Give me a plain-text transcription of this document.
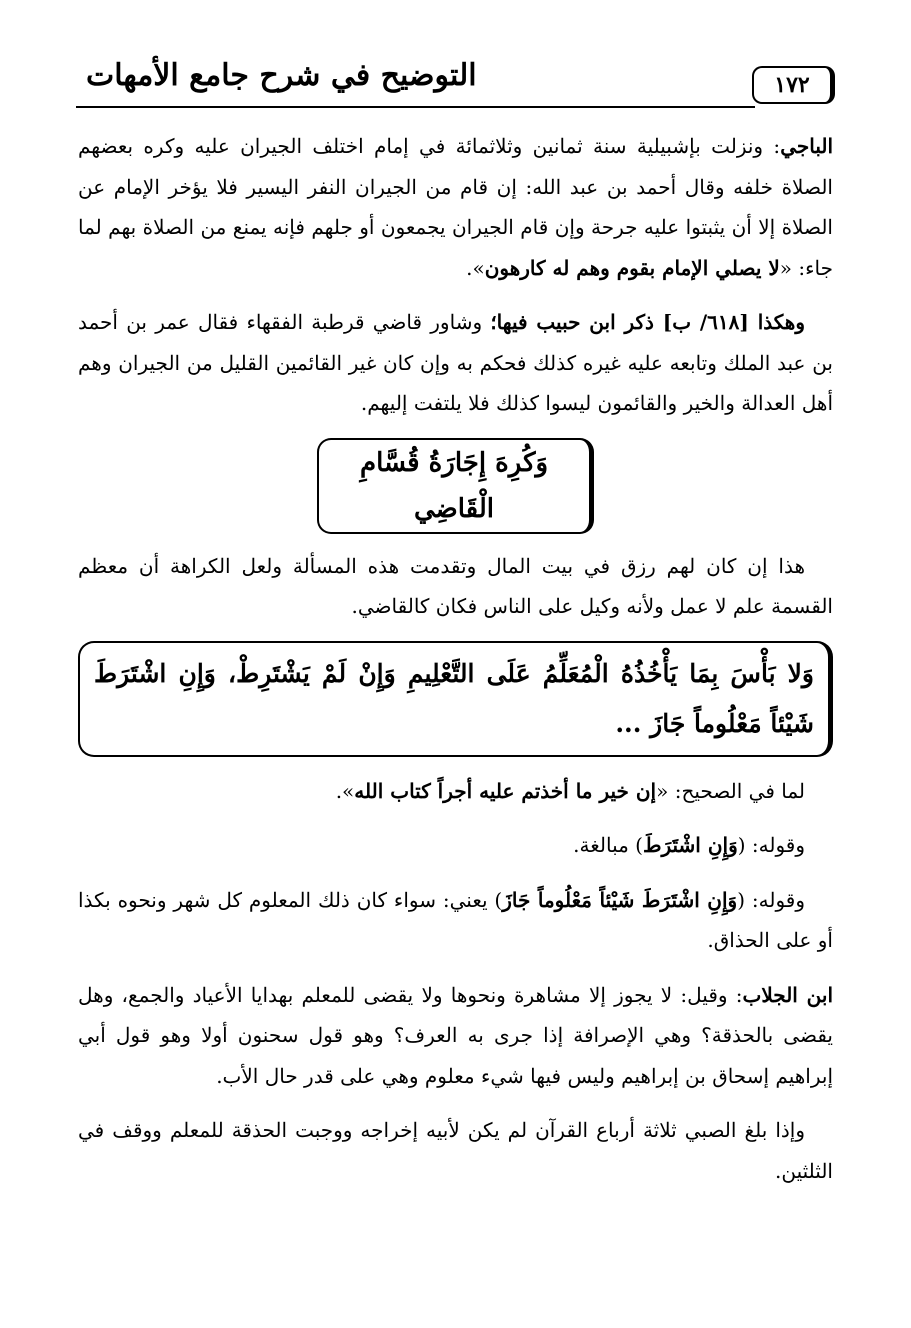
١٧٢
التوضيح في شرح جامع الأمهات

الباجي: ونزلت بإشبيلية سنة ثمانين وثلاثمائة في إمام اختلف الجيران عليه وكره بعضهم الصلاة خلفه وقال أحمد بن عبد الله: إن قام من الجيران النفر اليسير فلا يؤخر الإمام عن الصلاة إلا أن يثبتوا عليه جرحة وإن قام الجيران يجمعون أو جلهم فإنه يمنع من الصلاة بهم لما جاء: «لا يصلي الإمام بقوم وهم له كارهون».

وهكذا [٦١٨/ ب] ذكر ابن حبيب فيها؛ وشاور قاضي قرطبة الفقهاء فقال عمر بن أحمد بن عبد الملك وتابعه عليه غيره كذلك فحكم به وإن كان غير القائمين القليل من الجيران وهم أهل العدالة والخير والقائمون ليسوا كذلك فلا يلتفت إليهم.

وَكُرِهَ إِجَارَةُ قُسَّامِ الْقَاضِي

هذا إن كان لهم رزق في بيت المال وتقدمت هذه المسألة ولعل الكراهة أن معظم القسمة علم لا عمل ولأنه وكيل على الناس فكان كالقاضي.

وَلا بَأْسَ بِمَا يَأْخُذُهُ الْمُعَلِّمُ عَلَى التَّعْلِيمِ وَإِنْ لَمْ يَشْتَرِطْ، وَإِنِ اشْتَرَطَ شَيْئاً مَعْلُوماً جَازَ ...

لما في الصحيح: «إن خير ما أخذتم عليه أجراً كتاب الله».

وقوله: (وَإِنِ اشْتَرَطَ) مبالغة.

وقوله: (وَإِنِ اشْتَرَطَ شَيْئاً مَعْلُوماً جَازَ) يعني: سواء كان ذلك المعلوم كل شهر ونحوه بكذا أو على الحذاق.

ابن الجلاب: وقيل: لا يجوز إلا مشاهرة ونحوها ولا يقضى للمعلم بهدايا الأعياد والجمع، وهل يقضى بالحذقة؟ وهي الإصرافة إذا جرى به العرف؟ وهو قول سحنون أولا وهو قول أبي إبراهيم إسحاق بن إبراهيم وليس فيها شيء معلوم وهي على قدر حال الأب.

وإذا بلغ الصبي ثلاثة أرباع القرآن لم يكن لأبيه إخراجه ووجبت الحذقة للمعلم ووقف في الثلثين.
